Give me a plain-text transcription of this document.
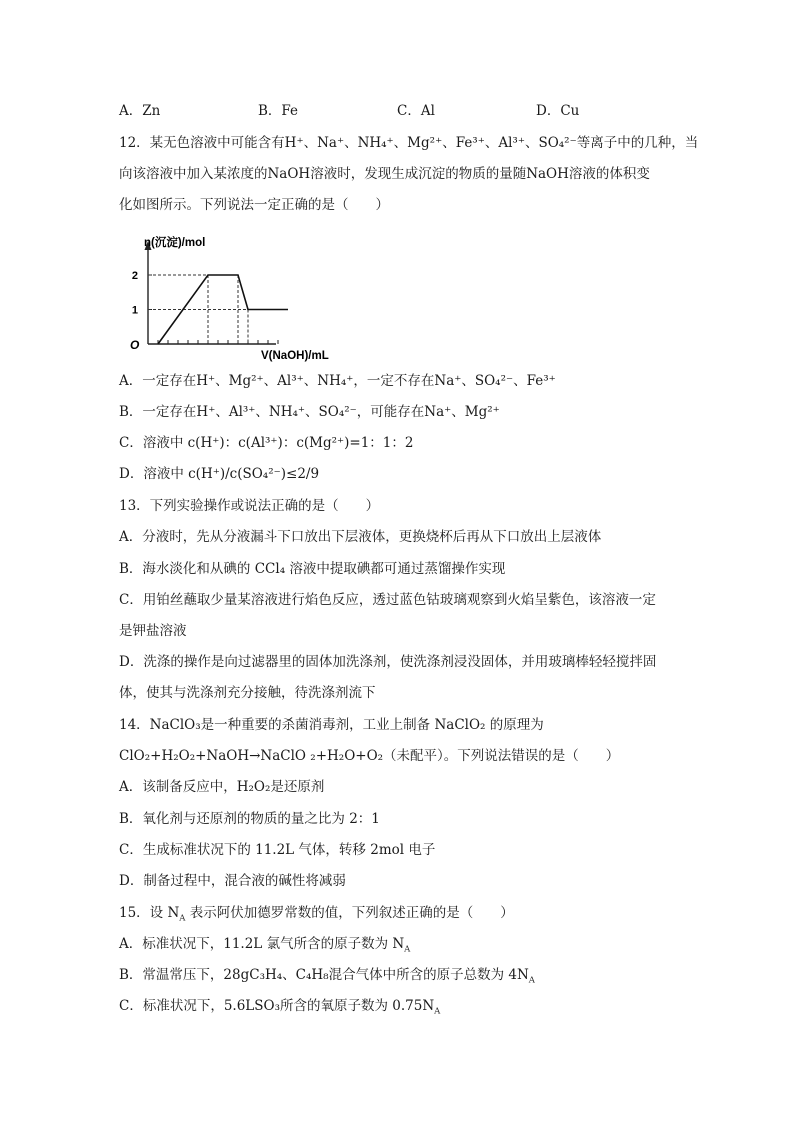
A．Zn	B．Fe	C．Al	D．Cu
12．某无色溶液中可能含有H⁺、Na⁺、NH₄⁺、Mg²⁺、Fe³⁺、Al³⁺、SO₄²⁻等离子中的几种，当
向该溶液中加入某浓度的NaOH溶液时，发现生成沉淀的物质的量随NaOH溶液的体积变
化如图所示。下列说法一定正确的是（　　）
1
2
n(沉淀)/mol
V(NaOH)/mL
O
A．一定存在H⁺、Mg²⁺、Al³⁺、NH₄⁺，一定不存在Na⁺、SO₄²⁻、Fe³⁺
B．一定存在H⁺、Al³⁺、NH₄⁺、SO₄²⁻，可能存在Na⁺、Mg²⁺
C．溶液中 c(H⁺)：c(Al³⁺)：c(Mg²⁺)=1：1：2
D．溶液中 c(H⁺)/c(SO₄²⁻)≤2/9
13．下列实验操作或说法正确的是（　　）
A．分液时，先从分液漏斗下口放出下层液体，更换烧杯后再从下口放出上层液体
B．海水淡化和从碘的 CCl₄ 溶液中提取碘都可通过蒸馏操作实现
C．用铂丝蘸取少量某溶液进行焰色反应，透过蓝色钴玻璃观察到火焰呈紫色，该溶液一定
是钾盐溶液
D．洗涤的操作是向过滤器里的固体加洗涤剂，使洗涤剂浸没固体，并用玻璃棒轻轻搅拌固
体，使其与洗涤剂充分接触，待洗涤剂流下
14．NaClO₃是一种重要的杀菌消毒剂，工业上制备 NaClO₂ 的原理为
ClO₂+H₂O₂+NaOH→NaClO ₂+H₂O+O₂（未配平）。下列说法错误的是（　　）
A．该制备反应中，H₂O₂是还原剂
B．氧化剂与还原剂的物质的量之比为 2：1
C．生成标准状况下的 11.2L 气体，转移 2mol 电子
D．制备过程中，混合液的碱性将减弱
15．设 $N_A$ 表示阿伏加德罗常数的值，下列叙述正确的是（　　）
A．标准状况下，11.2L 氯气所含的原子数为 $N_A$
B．常温常压下，28gC₃H₄、C₄H₈混合气体中所含的原子总数为 $4N_A$
C．标准状况下，5.6LSO₃所含的氧原子数为 $0.75N_A$
